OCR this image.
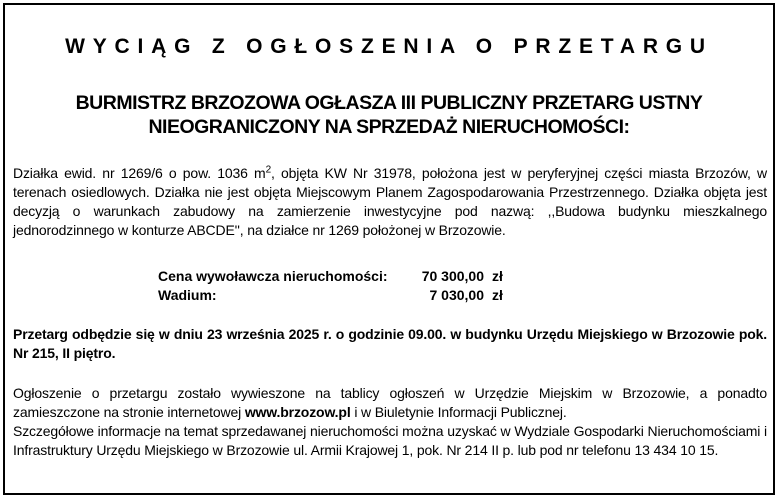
WYCIĄG Z OGŁOSZENIA O PRZETARGU
BURMISTRZ BRZOZOWA OGŁASZA III PUBLICZNY PRZETARG USTNY
NIEOGRANICZONY NA SPRZEDAŻ NIERUCHOMOŚCI:
Działka ewid. nr 1269/6 o pow. 1036 $m^2$, objęta KW Nr 31978, położona jest w peryferyjnej części miasta Brzozów, w terenach osiedlowych. Działka nie jest objęta Miejscowym Planem Zagospodarowania Przestrzennego. Działka objęta jest decyzją o warunkach zabudowy na zamierzenie inwestycyjne pod nazwą: ,,Budowa budynku mieszkalnego jednorodzinnego w konturze ABCDE'', na działce nr 1269 położonej w Brzozowie.
Cena wywoławcza nieruchomości:	70 300,00 zł
Wadium:	7 030,00 zł
Przetarg odbędzie się w dniu 23 września 2025 r. o godzinie 09.00. w budynku Urzędu Miejskiego w Brzozowie pok. Nr 215, II piętro.
Ogłoszenie o przetargu zostało wywieszone na tablicy ogłoszeń w Urzędzie Miejskim w Brzozowie, a ponadto zamieszczone na stronie internetowej www.brzozow.pl i w Biuletynie Informacji Publicznej.
Szczegółowe informacje na temat sprzedawanej nieruchomości można uzyskać w Wydziale Gospodarki Nieruchomościami i Infrastruktury Urzędu Miejskiego w Brzozowie ul. Armii Krajowej 1, pok. Nr 214 II p. lub pod nr telefonu 13 434 10 15.
